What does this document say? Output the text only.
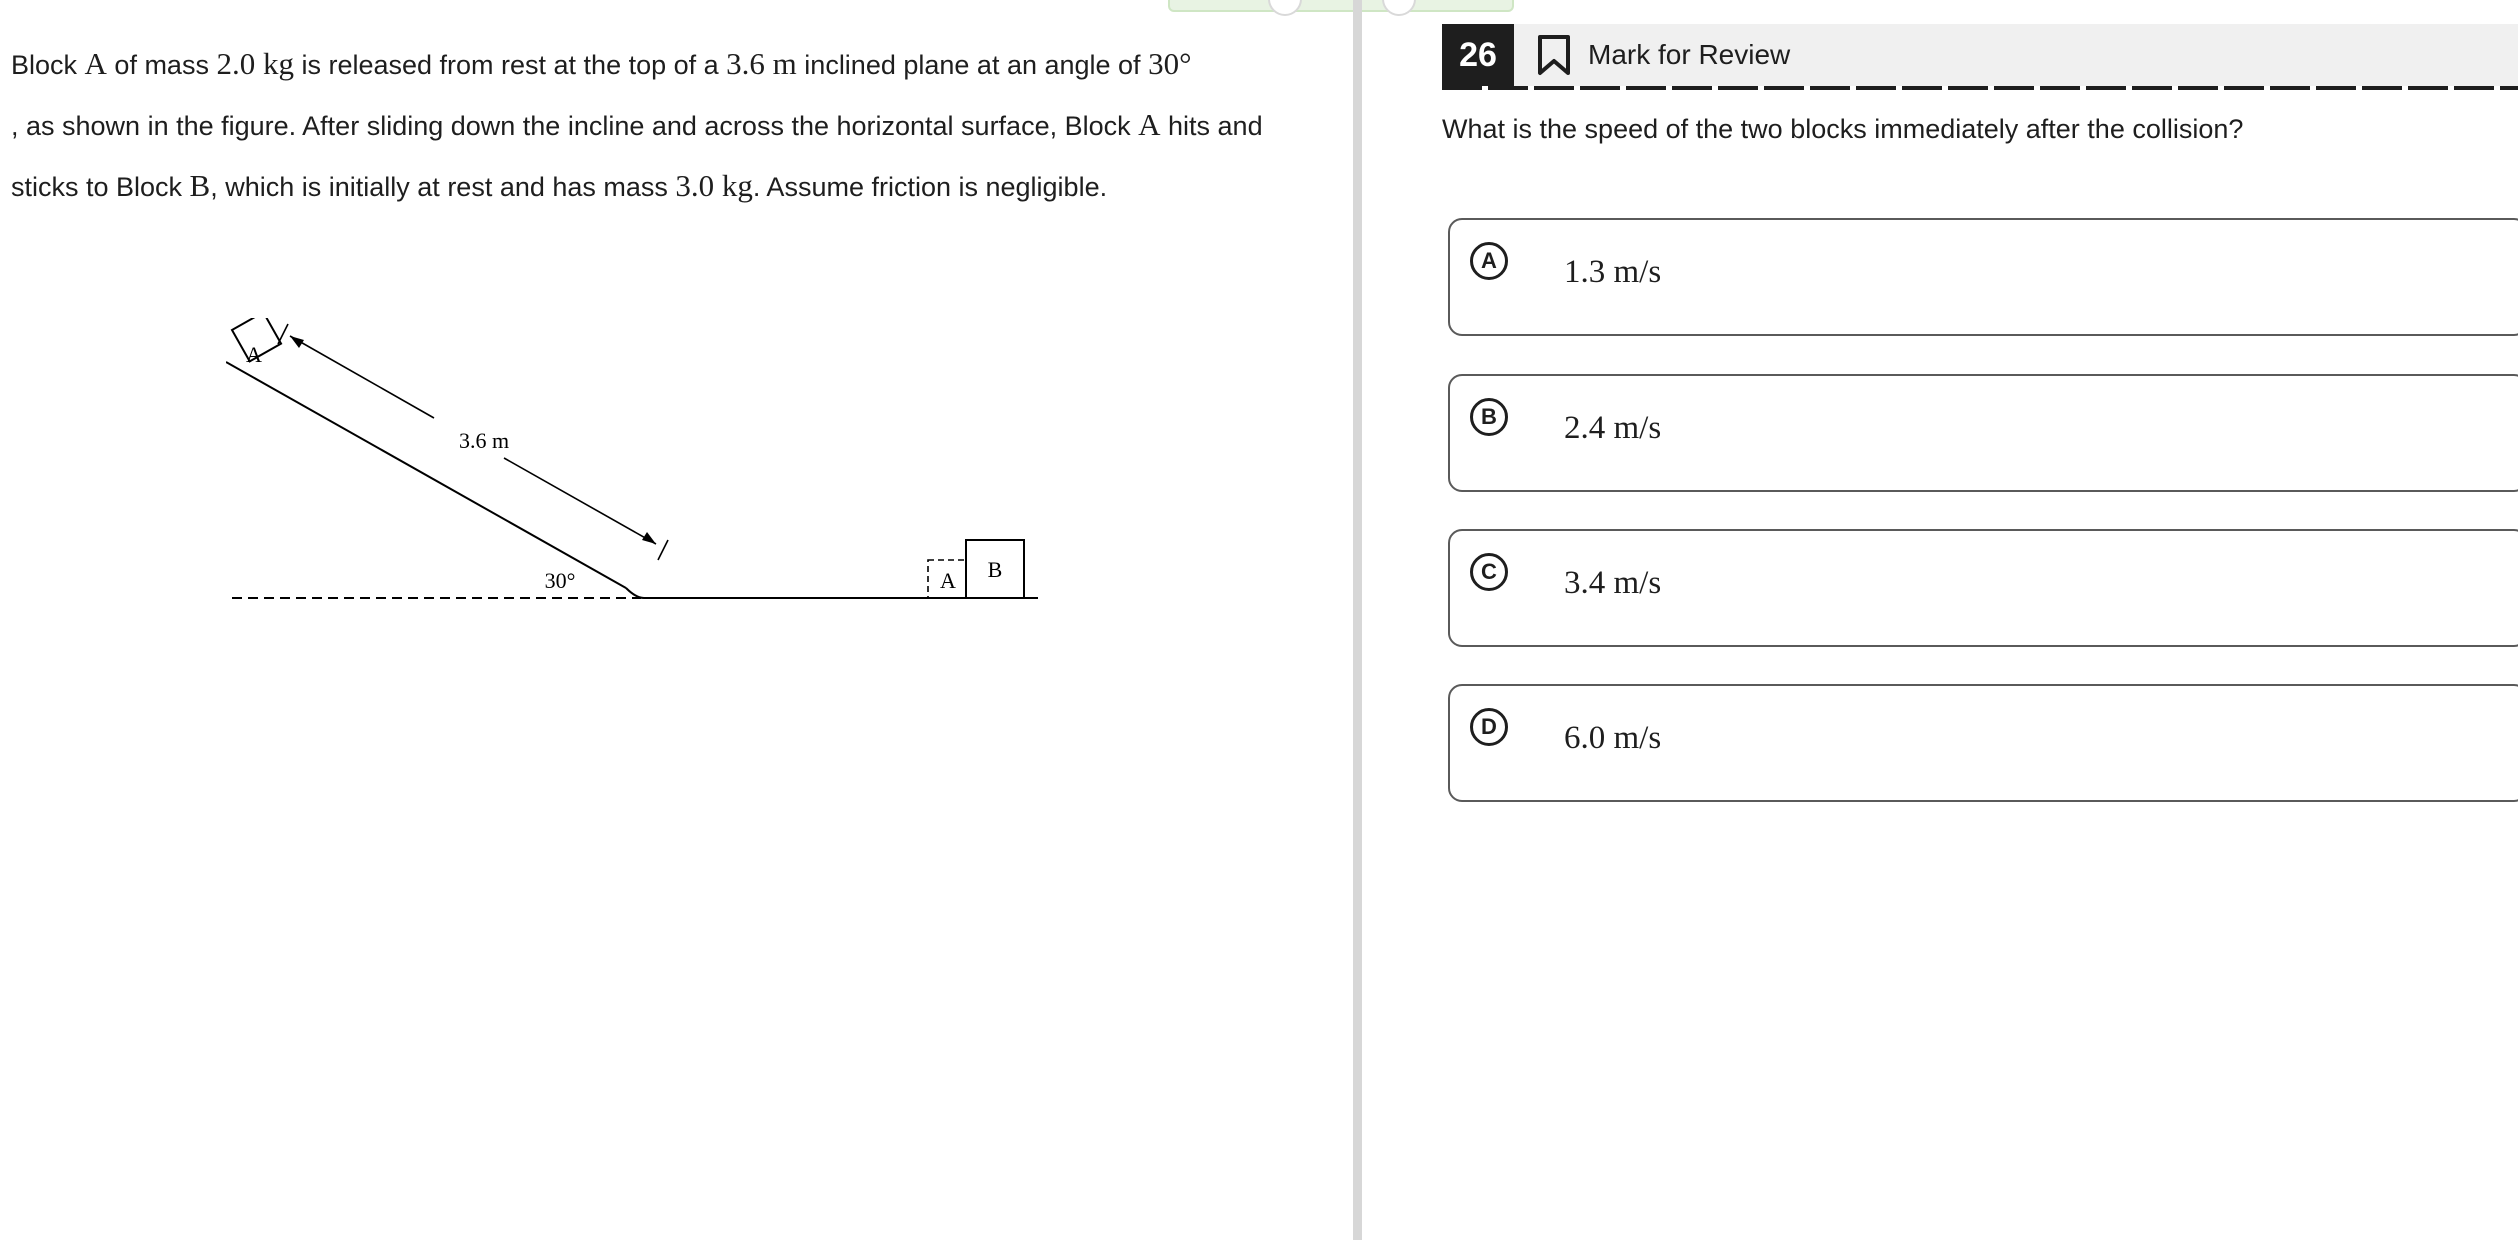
Block A of mass 2.0 kg is released from rest at the top of a 3.6 m inclined plane at an angle of 30°
, as shown in the figure. After sliding down the incline and across the horizontal surface, Block A hits and sticks to Block B, which is initially at rest and has mass 3.0 kg. Assume friction is negligible.

A
3.6 m
30°	A B
26	Mark for Review

What is the speed of the two blocks immediately after the collision?

A	1.3 m/s
B	2.4 m/s
C	3.4 m/s
D	6.0 m/s
